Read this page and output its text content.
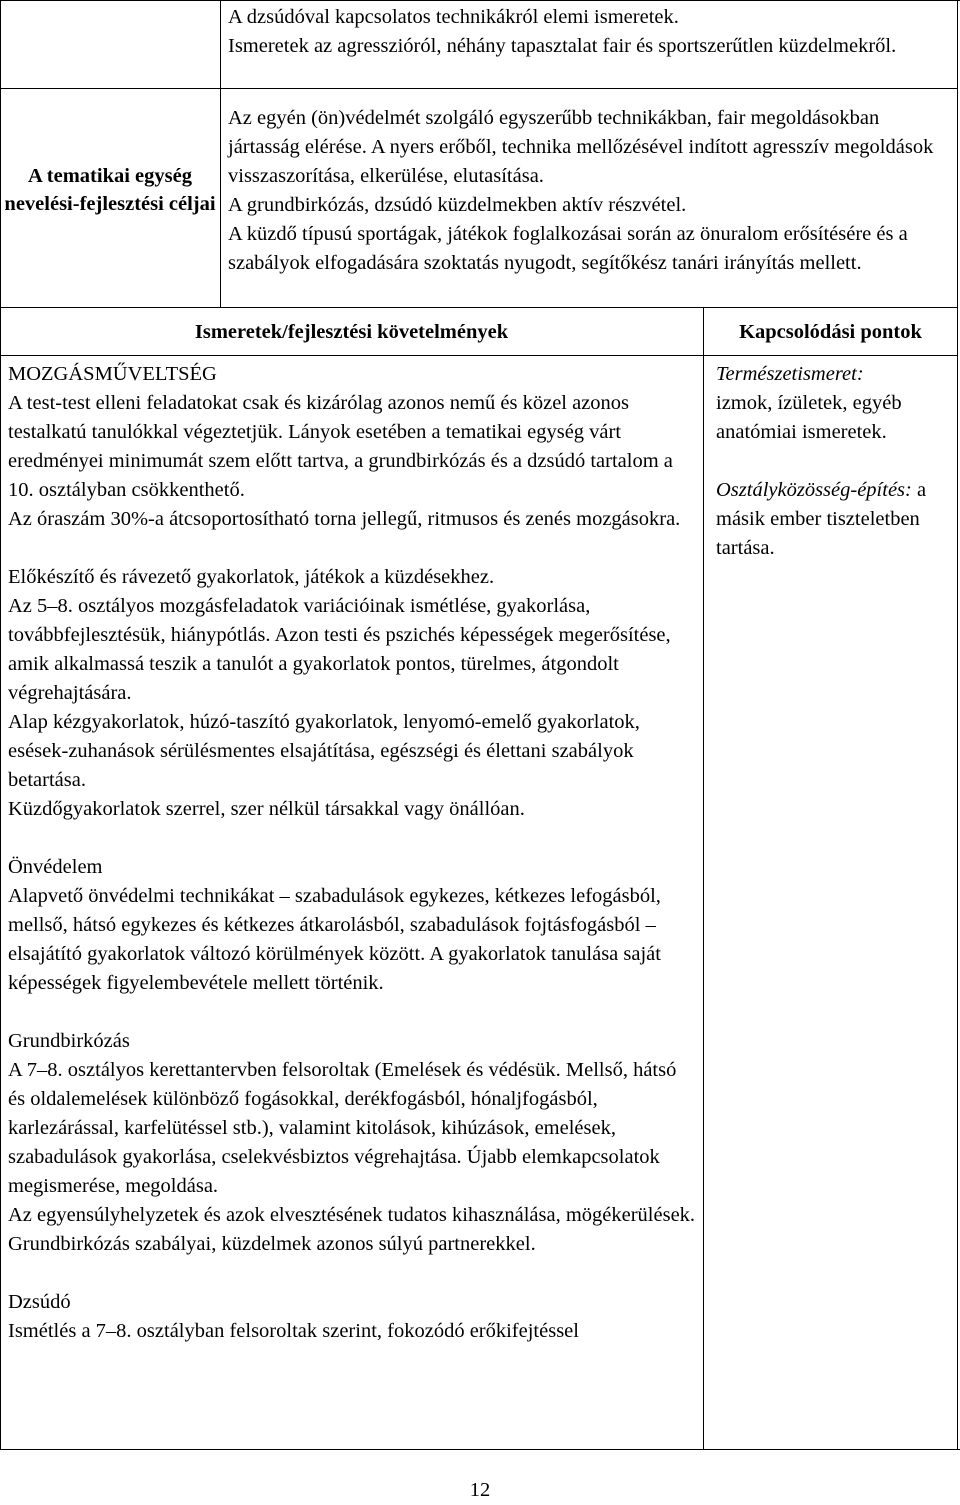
A dzsúdóval kapcsolatos technikákról elemi ismeretek.

Ismeretek az agresszióról, néhány tapasztalat fair és sportszerűtlen küzdelmekről.

A tematikai egység nevelési-fejlesztési céljai

Az egyén (ön)védelmét szolgáló egyszerűbb technikákban, fair megoldásokban jártasság elérése. A nyers erőből, technika mellőzésével indított agresszív megoldások visszaszorítása, elkerülése, elutasítása.

A grundbirkózás, dzsúdó küzdelmekben aktív részvétel.

A küzdő típusú sportágak, játékok foglalkozásai során az önuralom erősítésére és a szabályok elfogadására szoktatás nyugodt, segítőkész tanári irányítás mellett.

Ismeretek/fejlesztési követelmények	Kapcsolódási pontok

MOZGÁSMŰVELTSÉG

A test-test elleni feladatokat csak és kizárólag azonos nemű és közel azonos testalkatú tanulókkal végeztetjük. Lányok esetében a tematikai egység várt eredményei minimumát szem előtt tartva, a grundbirkózás és a dzsúdó tartalom a 10. osztályban csökkenthető.

Az óraszám 30%-a átcsoportosítható torna jellegű, ritmusos és zenés mozgásokra.

Előkészítő és rávezető gyakorlatok, játékok a küzdésekhez.

Az 5–8. osztályos mozgásfeladatok variációinak ismétlése, gyakorlása, továbbfejlesztésük, hiánypótlás. Azon testi és pszichés képességek megerősítése, amik alkalmassá teszik a tanulót a gyakorlatok pontos, türelmes, átgondolt végrehajtására.

Alap kézgyakorlatok, húzó-taszító gyakorlatok, lenyomó-emelő gyakorlatok, esések-zuhanások sérülésmentes elsajátítása, egészségi és élettani szabályok betartása.

Küzdőgyakorlatok szerrel, szer nélkül társakkal vagy önállóan.

Önvédelem

Alapvető önvédelmi technikákat – szabadulások egykezes, kétkezes lefogásból, mellső, hátsó egykezes és kétkezes átkarolásból, szabadulások fojtásfogásból – elsajátító gyakorlatok változó körülmények között. A gyakorlatok tanulása saját képességek figyelembevétele mellett történik.

Grundbirkózás

A 7–8. osztályos kerettantervben felsoroltak (Emelések és védésük. Mellső, hátsó és oldalemelések különböző fogásokkal, derékfogásból, hónaljfogásból, karlezárással, karfelütéssel stb.), valamint kitolások, kihúzások, emelések, szabadulások gyakorlása, cselekvésbiztos végrehajtása. Újabb elemkapcsolatok megismerése, megoldása.

Az egyensúlyhelyzetek és azok elvesztésének tudatos kihasználása, mögékerülések. Grundbirkózás szabályai, küzdelmek azonos súlyú partnerekkel.

Dzsúdó

Ismétlés a 7–8. osztályban felsoroltak szerint, fokozódó erőkifejtéssel

Természetismeret:

izmok, ízületek, egyéb anatómiai ismeretek.

Osztályközösség-építés: a másik ember tiszteletben tartása.

12
